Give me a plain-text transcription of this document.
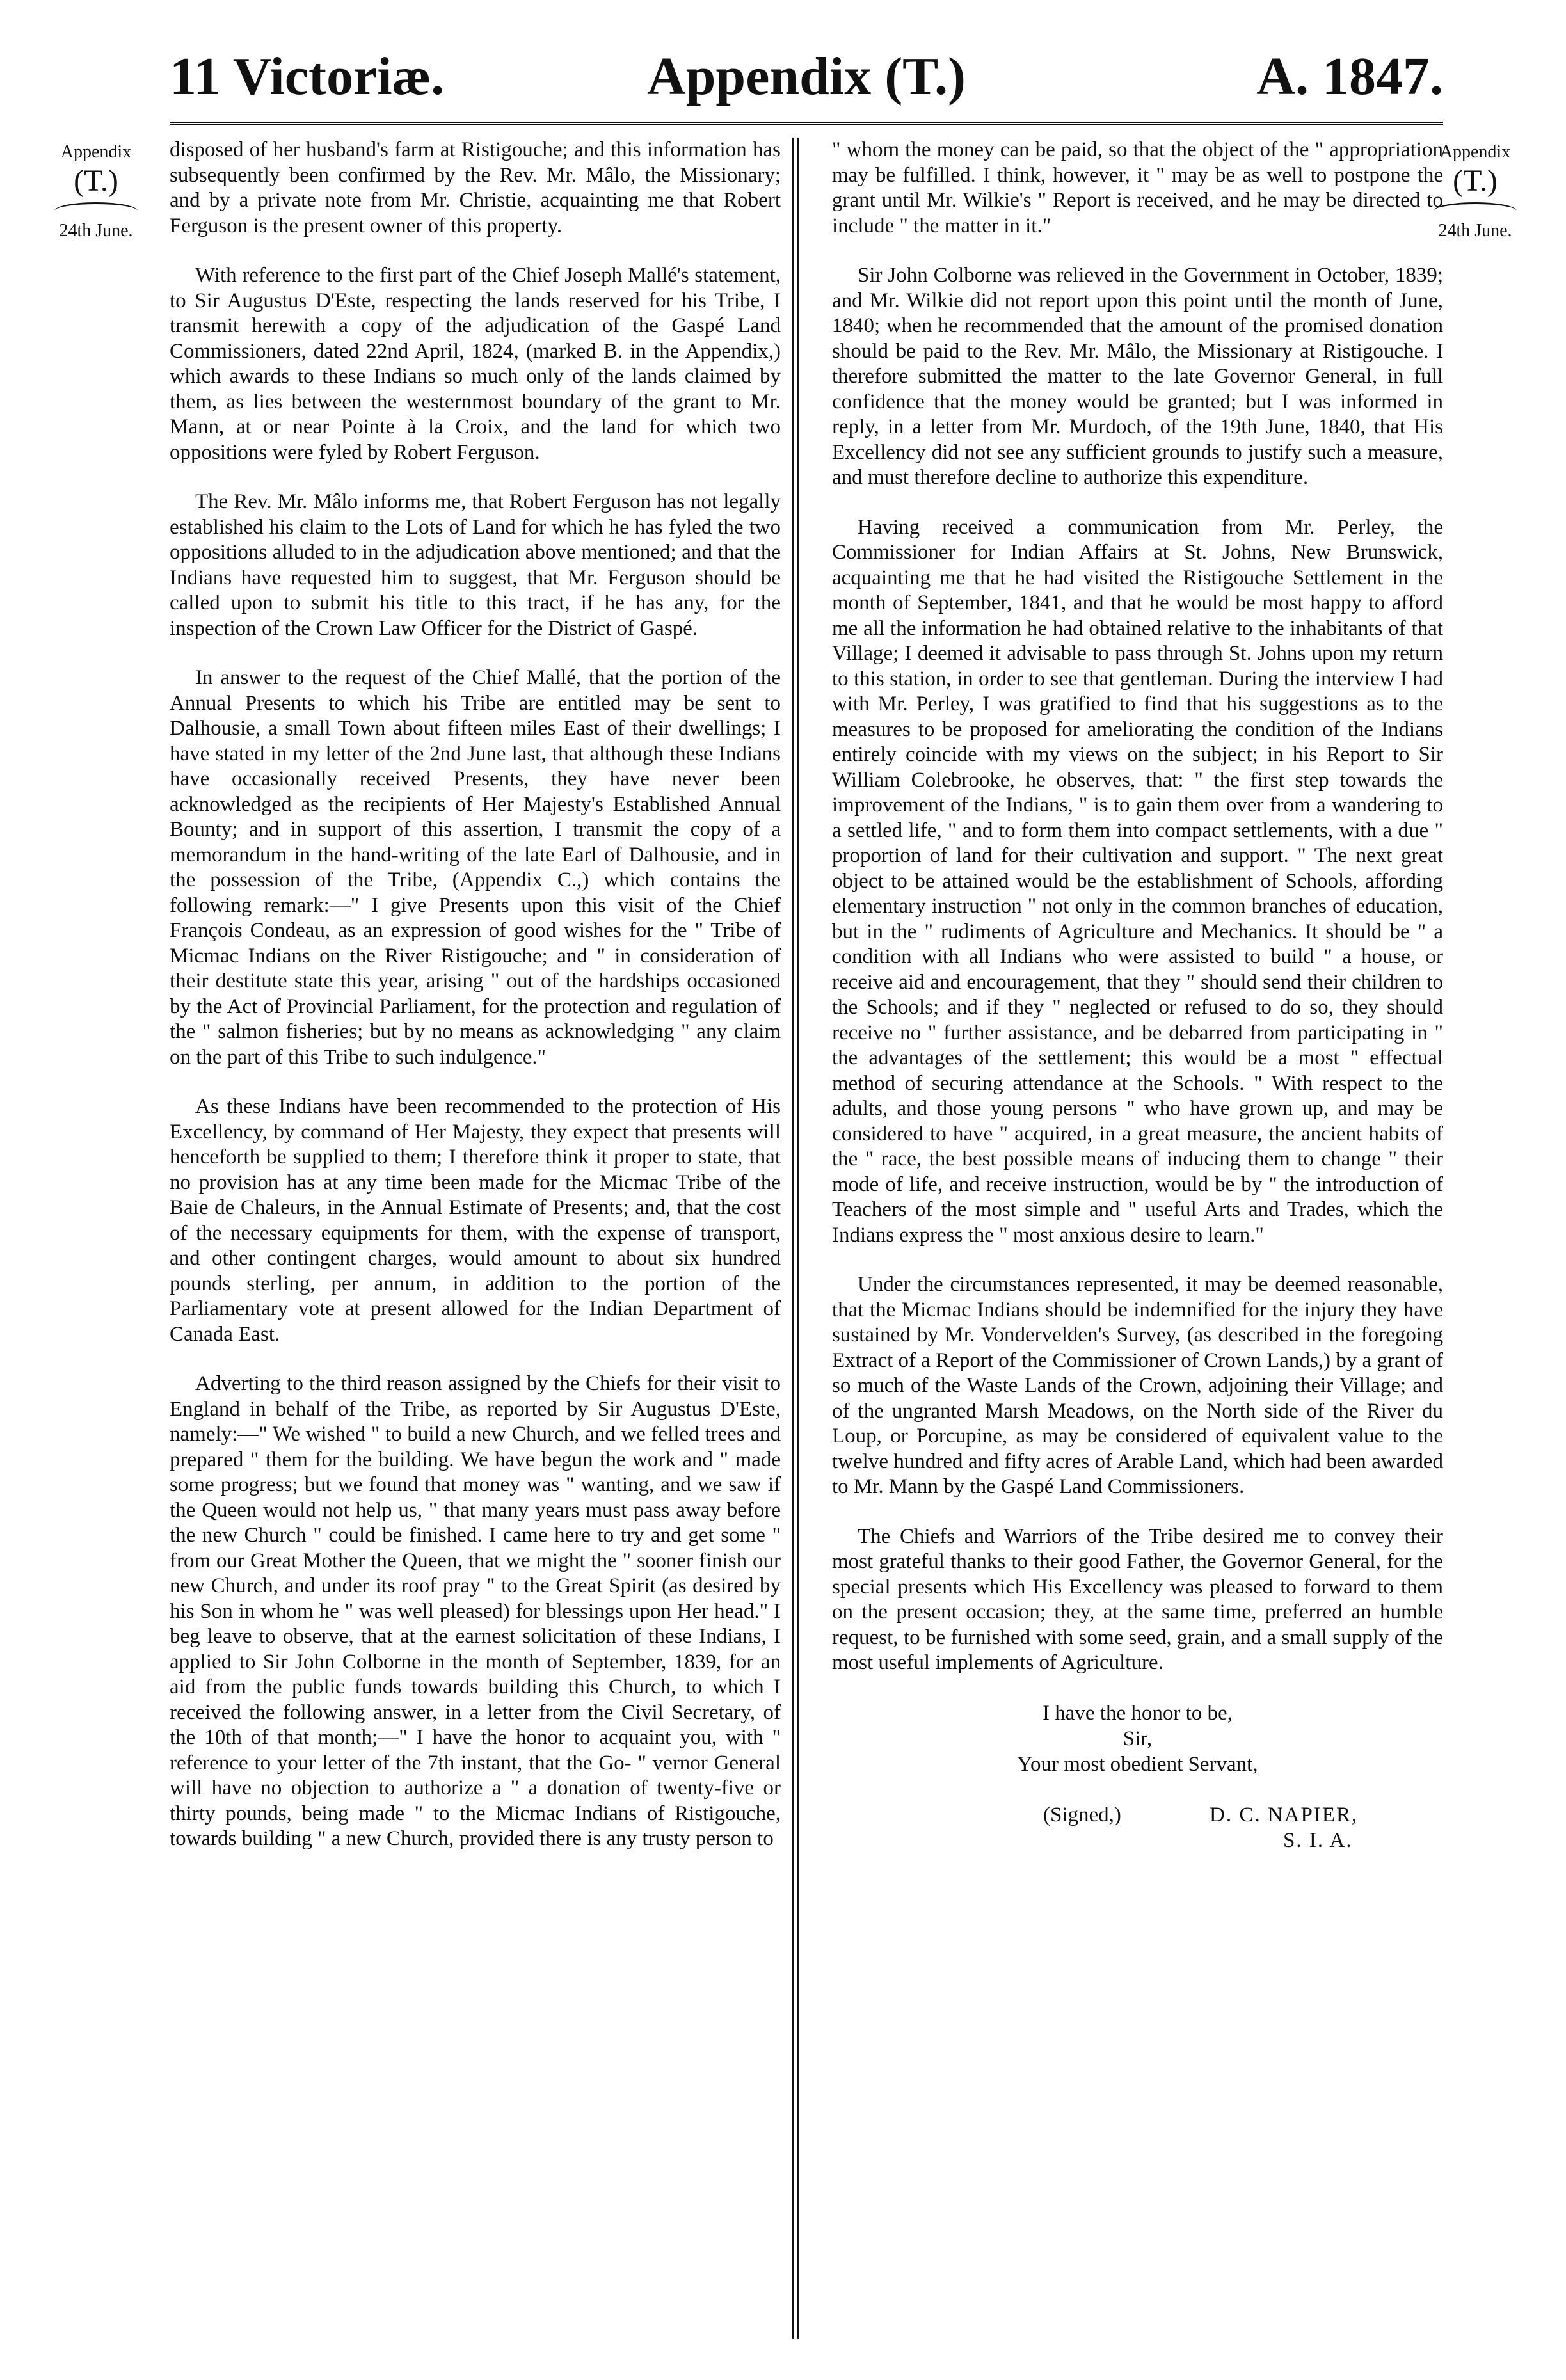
11 Victoriæ.	Appendix (T.)	A. 1847.
Appendix
(T.)
24th June.
Appendix
(T.)
24th June.

disposed of her husband's farm at Ristigouche; and this information has subsequently been confirmed by the Rev. Mr. Mâlo, the Missionary; and by a private note from Mr. Christie, acquainting me that Robert Ferguson is the present owner of this property.

With reference to the first part of the Chief Joseph Mallé's statement, to Sir Augustus D'Este, respecting the lands reserved for his Tribe, I transmit herewith a copy of the adjudication of the Gaspé Land Commissioners, dated 22nd April, 1824, (marked B. in the Appendix,) which awards to these Indians so much only of the lands claimed by them, as lies between the westernmost boundary of the grant to Mr. Mann, at or near Pointe à la Croix, and the land for which two oppositions were fyled by Robert Ferguson.

The Rev. Mr. Mâlo informs me, that Robert Ferguson has not legally established his claim to the Lots of Land for which he has fyled the two oppositions alluded to in the adjudication above mentioned; and that the Indians have requested him to suggest, that Mr. Ferguson should be called upon to submit his title to this tract, if he has any, for the inspection of the Crown Law Officer for the District of Gaspé.

In answer to the request of the Chief Mallé, that the portion of the Annual Presents to which his Tribe are entitled may be sent to Dalhousie, a small Town about fifteen miles East of their dwellings; I have stated in my letter of the 2nd June last, that although these Indians have occasionally received Presents, they have never been acknowledged as the recipients of Her Majesty's Established Annual Bounty; and in support of this assertion, I transmit the copy of a memorandum in the hand-writing of the late Earl of Dalhousie, and in the possession of the Tribe, (Appendix C.,) which contains the following remark:—" I give Presents upon this visit of the Chief François Condeau, as an expression of good wishes for the " Tribe of Micmac Indians on the River Ristigouche; and " in consideration of their destitute state this year, arising " out of the hardships occasioned by the Act of Provincial Parliament, for the protection and regulation of the " salmon fisheries; but by no means as acknowledging " any claim on the part of this Tribe to such indulgence."

As these Indians have been recommended to the protection of His Excellency, by command of Her Majesty, they expect that presents will henceforth be supplied to them; I therefore think it proper to state, that no provision has at any time been made for the Micmac Tribe of the Baie de Chaleurs, in the Annual Estimate of Presents; and, that the cost of the necessary equipments for them, with the expense of transport, and other contingent charges, would amount to about six hundred pounds sterling, per annum, in addition to the portion of the Parliamentary vote at present allowed for the Indian Department of Canada East.

Adverting to the third reason assigned by the Chiefs for their visit to England in behalf of the Tribe, as reported by Sir Augustus D'Este, namely:—" We wished " to build a new Church, and we felled trees and prepared " them for the building. We have begun the work and " made some progress; but we found that money was " wanting, and we saw if the Queen would not help us, " that many years must pass away before the new Church " could be finished. I came here to try and get some " from our Great Mother the Queen, that we might the " sooner finish our new Church, and under its roof pray " to the Great Spirit (as desired by his Son in whom he " was well pleased) for blessings upon Her head." I beg leave to observe, that at the earnest solicitation of these Indians, I applied to Sir John Colborne in the month of September, 1839, for an aid from the public funds towards building this Church, to which I received the following answer, in a letter from the Civil Secretary, of the 10th of that month;—" I have the honor to acquaint you, with " reference to your letter of the 7th instant, that the Go- " vernor General will have no objection to authorize a " a donation of twenty-five or thirty pounds, being made " to the Micmac Indians of Ristigouche, towards building " a new Church, provided there is any trusty person to

" whom the money can be paid, so that the object of the " appropriation may be fulfilled. I think, however, it " may be as well to postpone the grant until Mr. Wilkie's " Report is received, and he may be directed to include " the matter in it."

Sir John Colborne was relieved in the Government in October, 1839; and Mr. Wilkie did not report upon this point until the month of June, 1840; when he recommended that the amount of the promised donation should be paid to the Rev. Mr. Mâlo, the Missionary at Ristigouche. I therefore submitted the matter to the late Governor General, in full confidence that the money would be granted; but I was informed in reply, in a letter from Mr. Murdoch, of the 19th June, 1840, that His Excellency did not see any sufficient grounds to justify such a measure, and must therefore decline to authorize this expenditure.

Having received a communication from Mr. Perley, the Commissioner for Indian Affairs at St. Johns, New Brunswick, acquainting me that he had visited the Ristigouche Settlement in the month of September, 1841, and that he would be most happy to afford me all the information he had obtained relative to the inhabitants of that Village; I deemed it advisable to pass through St. Johns upon my return to this station, in order to see that gentleman. During the interview I had with Mr. Perley, I was gratified to find that his suggestions as to the measures to be proposed for ameliorating the condition of the Indians entirely coincide with my views on the subject; in his Report to Sir William Colebrooke, he observes, that: " the first step towards the improvement of the Indians, " is to gain them over from a wandering to a settled life, " and to form them into compact settlements, with a due " proportion of land for their cultivation and support. " The next great object to be attained would be the establishment of Schools, affording elementary instruction " not only in the common branches of education, but in the " rudiments of Agriculture and Mechanics. It should be " a condition with all Indians who were assisted to build " a house, or receive aid and encouragement, that they " should send their children to the Schools; and if they " neglected or refused to do so, they should receive no " further assistance, and be debarred from participating in " the advantages of the settlement; this would be a most " effectual method of securing attendance at the Schools. " With respect to the adults, and those young persons " who have grown up, and may be considered to have " acquired, in a great measure, the ancient habits of the " race, the best possible means of inducing them to change " their mode of life, and receive instruction, would be by " the introduction of Teachers of the most simple and " useful Arts and Trades, which the Indians express the " most anxious desire to learn."

Under the circumstances represented, it may be deemed reasonable, that the Micmac Indians should be indemnified for the injury they have sustained by Mr. Vondervelden's Survey, (as described in the foregoing Extract of a Report of the Commissioner of Crown Lands,) by a grant of so much of the Waste Lands of the Crown, adjoining their Village; and of the ungranted Marsh Meadows, on the North side of the River du Loup, or Porcupine, as may be considered of equivalent value to the twelve hundred and fifty acres of Arable Land, which had been awarded to Mr. Mann by the Gaspé Land Commissioners.

The Chiefs and Warriors of the Tribe desired me to convey their most grateful thanks to their good Father, the Governor General, for the special presents which His Excellency was pleased to forward to them on the present occasion; they, at the same time, preferred an humble request, to be furnished with some seed, grain, and a small supply of the most useful implements of Agriculture.

I have the honor to be,
Sir,
Your most obedient Servant,
(Signed,)	D. C. NAPIER,
S. I. A.
